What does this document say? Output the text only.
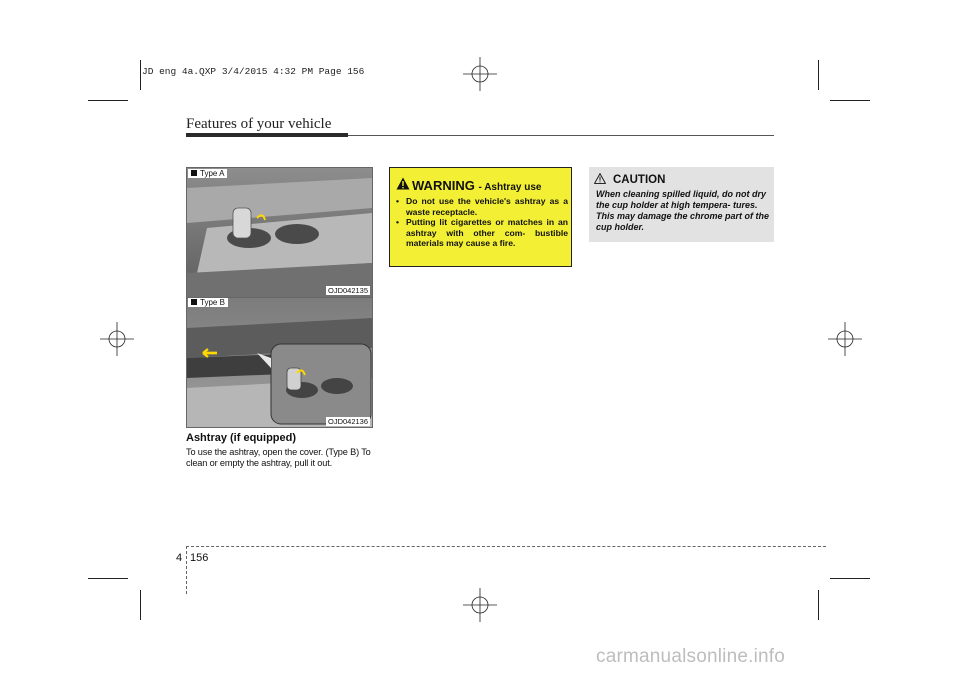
JD eng 4a.QXP 3/4/2015 4:32 PM Page 156
Features of your vehicle
Type A
OJD042135
Type B
OJD042136
Ashtray (if equipped)
To use the ashtray, open the cover. (Type B) To clean or empty the ashtray, pull it out.
WARNING - Ashtray use
• Do not use the vehicle's ashtray as a waste receptacle.
• Putting lit cigarettes or matches in an ashtray with other com- bustible materials may cause a fire.
CAUTION
When cleaning spilled liquid, do not dry the cup holder at high tempera- tures. This may damage the chrome part of the cup holder.
4 156
carmanualsonline.info
